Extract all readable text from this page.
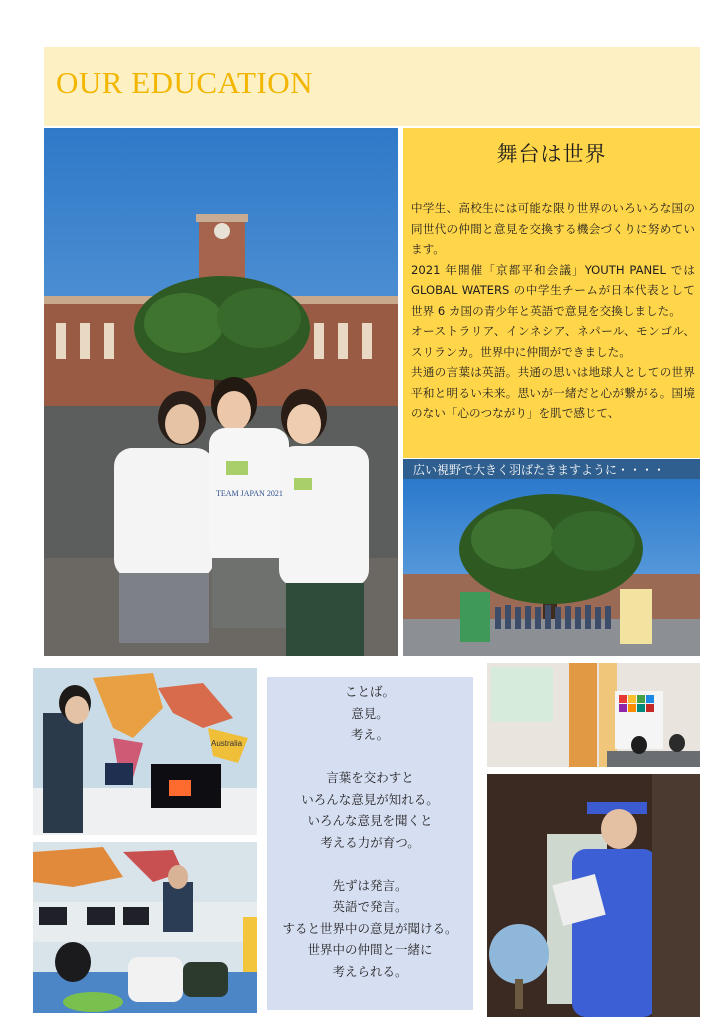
OUR EDUCATION
TEAM JAPAN 2021
舞台は世界

中学生、高校生には可能な限り世界のいろいろな国の同世代の仲間と意見を交換する機会づくりに努めています。

2021 年開催「京都平和会議」YOUTH PANEL ではGLOBAL WATERS の中学生チームが日本代表として世界 6 カ国の青少年と英語で意見を交換しました。

オーストラリア、インネシア、ネパール、モンゴル、スリランカ。世界中に仲間ができました。

共通の言葉は英語。共通の思いは地球人としての世界平和と明るい未来。思いが一緒だと心が繋がる。国境のない「心のつながり」を肌で感じて、

広い視野で大きく羽ばたきますように・・・・
Australia
ことば。
意見。
考え。
言葉を交わすと
いろんな意見が知れる。
いろんな意見を聞くと
考える力が育つ。
先ずは発言。
英語で発言。
すると世界中の意見が聞ける。
世界中の仲間と一緒に
考えられる。
